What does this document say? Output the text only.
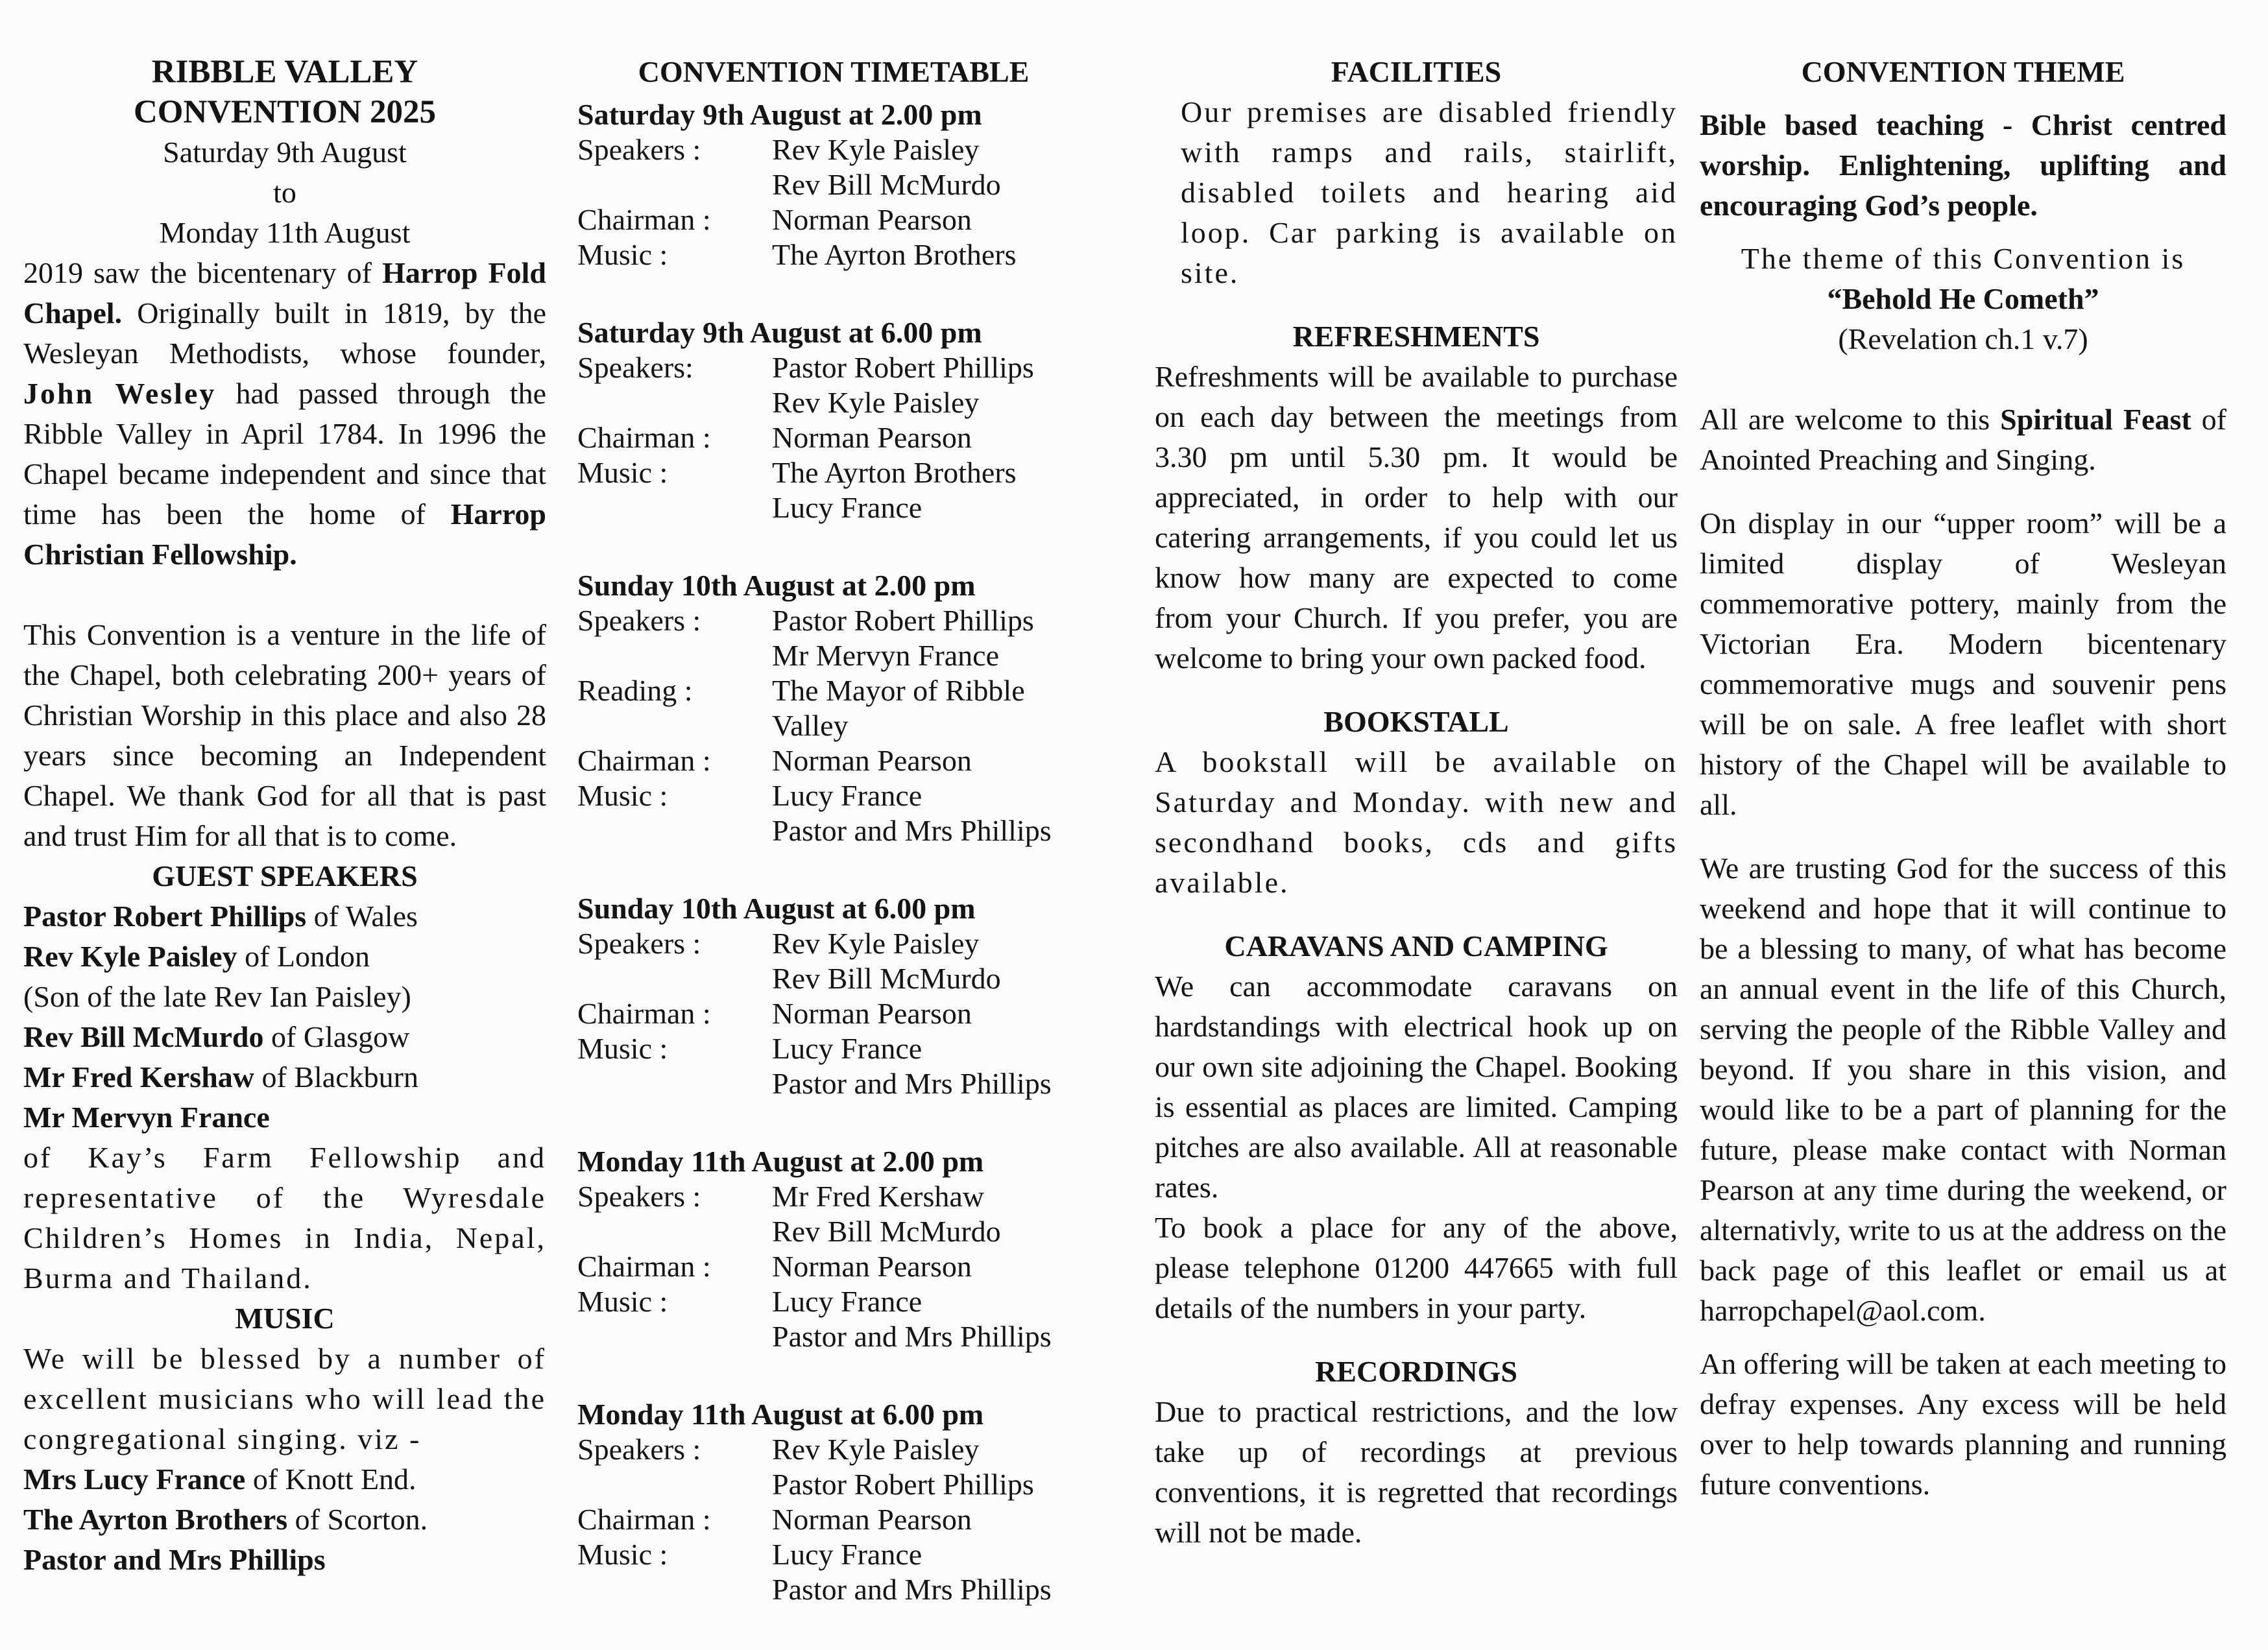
RIBBLE VALLEY
CONVENTION 2025
Saturday 9th August
to
Monday 11th August

2019 saw the bicentenary of Harrop Fold Chapel. Originally built in 1819, by the Wesleyan Methodists, whose founder, John Wesley had passed through the Ribble Valley in April 1784. In 1996 the Chapel became independent and since that time has been the home of Harrop Christian Fellowship.

This Convention is a venture in the life of the Chapel, both celebrating 200+ years of Christian Worship in this place and also 28 years since becoming an Independent Chapel. We thank God for all that is past and trust Him for all that is to come.

GUEST SPEAKERS
Pastor Robert Phillips of Wales
Rev Kyle Paisley of London
(Son of the late Rev Ian Paisley)
Rev Bill McMurdo of Glasgow
Mr Fred Kershaw of Blackburn
Mr Mervyn France

of Kay’s Farm Fellowship and representative of the Wyresdale Children’s Homes in India, Nepal, Burma and Thailand.

MUSIC

We will be blessed by a number of excellent musicians who will lead the congregational singing. viz -

Mrs Lucy France of Knott End.
The Ayrton Brothers of Scorton.
Pastor and Mrs Phillips
CONVENTION TIMETABLE
Saturday 9th August at 2.00 pm
Speakers :	Rev Kyle Paisley
	Rev Bill McMurdo
Chairman :	Norman Pearson
Music :	The Ayrton Brothers
Saturday 9th August at 6.00 pm
Speakers:	Pastor Robert Phillips
	Rev Kyle Paisley
Chairman :	Norman Pearson
Music :	The Ayrton Brothers
	Lucy France
Sunday 10th August at 2.00 pm
Speakers :	Pastor Robert Phillips
	Mr Mervyn France
Reading :	The Mayor of Ribble Valley
Chairman :	Norman Pearson
Music :	Lucy France
	Pastor and Mrs Phillips
Sunday 10th August at 6.00 pm
Speakers :	Rev Kyle Paisley
	Rev Bill McMurdo
Chairman :	Norman Pearson
Music :	Lucy France
	Pastor and Mrs Phillips
Monday 11th August at 2.00 pm
Speakers :	Mr Fred Kershaw
	Rev Bill McMurdo
Chairman :	Norman Pearson
Music :	Lucy France
	Pastor and Mrs Phillips
Monday 11th August at 6.00 pm
Speakers :	Rev Kyle Paisley
	Pastor Robert Phillips
Chairman :	Norman Pearson
Music :	Lucy France
	Pastor and Mrs Phillips
FACILITIES

Our premises are disabled friendly with ramps and rails, stairlift, disabled toilets and hearing aid loop. Car parking is available on site.

REFRESHMENTS

Refreshments will be available to purchase on each day between the meetings from 3.30 pm until 5.30 pm. It would be appreciated, in order to help with our catering arrangements, if you could let us know how many are expected to come from your Church. If you prefer, you are welcome to bring your own packed food.

BOOKSTALL

A bookstall will be available on Saturday and Monday. with new and secondhand books, cds and gifts available.

CARAVANS AND CAMPING

We can accommodate caravans on hardstandings with electrical hook up on our own site adjoining the Chapel. Booking is essential as places are limited. Camping pitches are also available. All at reasonable rates.

To book a place for any of the above, please telephone 01200 447665 with full details of the numbers in your party.

RECORDINGS

Due to practical restrictions, and the low take up of recordings at previous conventions, it is regretted that recordings will not be made.

CONVENTION THEME

Bible based teaching - Christ centred worship. Enlightening, uplifting and encouraging God’s people.

The theme of this Convention is
“Behold He Cometh”
(Revelation ch.1 v.7)

All are welcome to this Spiritual Feast of Anointed Preaching and Singing.

On display in our “upper room” will be a limited display of Wesleyan commemorative pottery, mainly from the Victorian Era. Modern bicentenary commemorative mugs and souvenir pens will be on sale. A free leaflet with short history of the Chapel will be available to all.

We are trusting God for the success of this weekend and hope that it will continue to be a blessing to many, of what has become an annual event in the life of this Church, serving the people of the Ribble Valley and beyond. If you share in this vision, and would like to be a part of planning for the future, please make contact with Norman Pearson at any time during the weekend, or alternativly, write to us at the address on the back page of this leaflet or email us at harropchapel@aol.com.

An offering will be taken at each meeting to defray expenses. Any excess will be held over to help towards planning and running future conventions.
